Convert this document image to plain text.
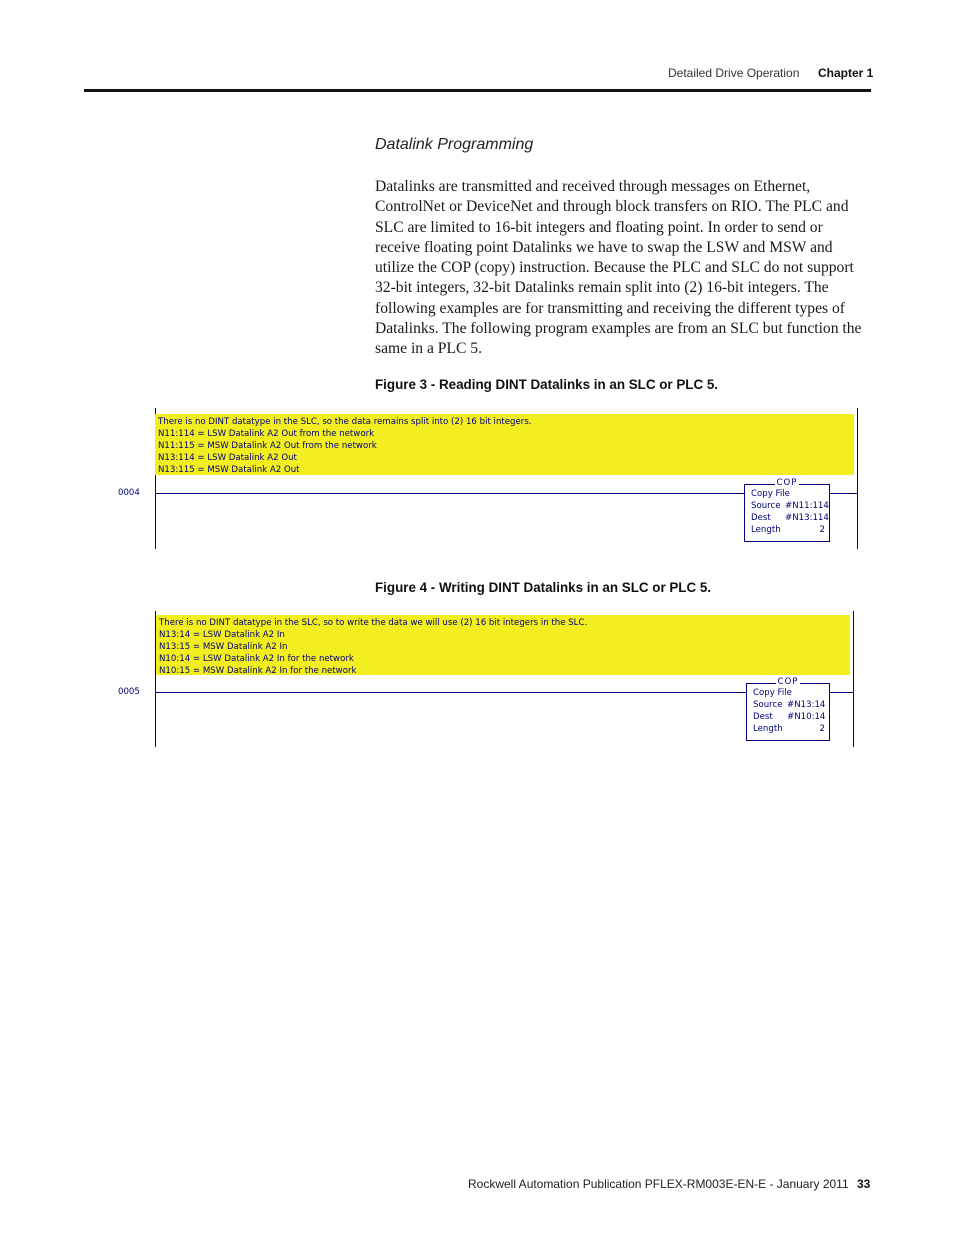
Detailed Drive Operation Chapter 1
Datalink Programming

Datalinks are transmitted and received through messages on Ethernet, ControlNet or DeviceNet and through block transfers on RIO. The PLC and SLC are limited to 16-bit integers and floating point. In order to send or receive floating point Datalinks we have to swap the LSW and MSW and utilize the COP (copy) instruction. Because the PLC and SLC do not support 32-bit integers, 32-bit Datalinks remain split into (2) 16-bit integers. The following examples are for transmitting and receiving the different types of Datalinks. The following program examples are from an SLC but function the same in a PLC 5.

Figure 3 - Reading DINT Datalinks in an SLC or PLC 5.
There is no DINT datatype in the SLC, so the data remains split into (2) 16 bit integers.
N11:114 = LSW Datalink A2 Out from the network
N11:115 = MSW Datalink A2 Out from the network
N13:114 = LSW Datalink A2 Out
N13:115 = MSW Datalink A2 Out
0004
COP
Copy File
Source #N11:114
Dest #N13:114
Length	2
Figure 4 - Writing DINT Datalinks in an SLC or PLC 5.
There is no DINT datatype in the SLC, so to write the data we will use (2) 16 bit integers in the SLC.
N13:14 = LSW Datalink A2 In
N13:15 = MSW Datalink A2 In
N10:14 = LSW Datalink A2 In for the network
N10:15 = MSW Datalink A2 In for the network
0005
COP
Copy File
Source #N13:14
Dest #N10:14
Length	2
Rockwell Automation Publication PFLEX-RM003E-EN-E - January 2011 33
